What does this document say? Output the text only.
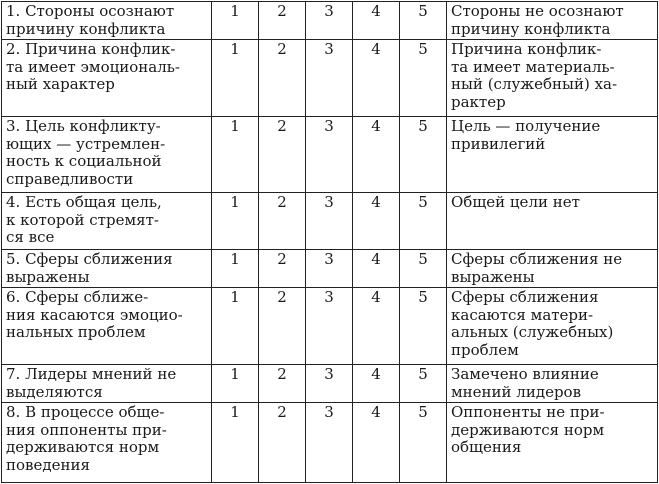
1. Стороны осознают
причину конфликта	1	2	3	4	5	Стороны не осознают
причину конфликта
2. Причина конфлик-
та имеет эмоциональ-
ный характер	1	2	3	4	5	Причина конфлик-
та имеет материаль-
ный (служебный) ха-
рактер
3. Цель конфликту-
ющих — устремлен-
ность к социальной
справедливости	1	2	3	4	5	Цель — получение
привилегий
4. Есть общая цель,
к которой стремят-
ся все	1	2	3	4	5	Общей цели нет
5. Сферы сближения
выражены	1	2	3	4	5	Сферы сближения не
выражены
6. Сферы сближе-
ния касаются эмоцио-
нальных проблем	1	2	3	4	5	Сферы сближения
касаются матери-
альных (служебных)
проблем
7. Лидеры мнений не
выделяются	1	2	3	4	5	Замечено влияние
мнений лидеров
8. В процессе обще-
ния оппоненты при-
держиваются норм
поведения	1	2	3	4	5	Оппоненты не при-
держиваются норм
общения
